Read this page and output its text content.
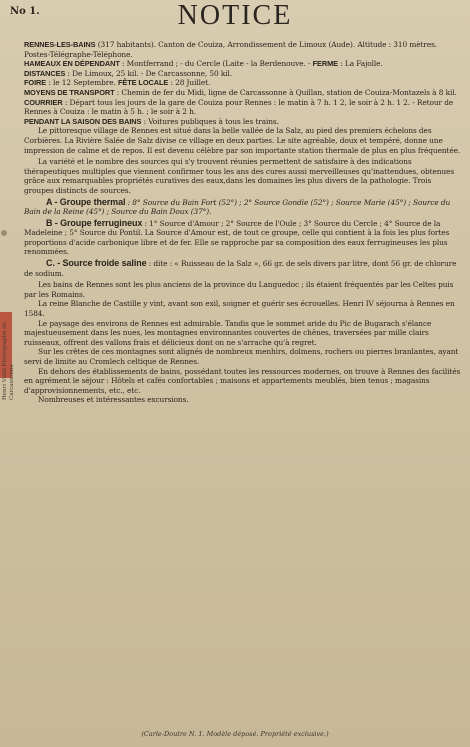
Henri Vidal Photographe de Carcassonne
No 1.	NOTICE

RENNES-LES-BAINS (317 habitants). Canton de Couiza, Arrondissement de Limoux (Aude). Altitude : 310 mètres. Postes-Télégraphe-Téléphone.

HAMEAUX EN DÉPENDANT : Montferrand ; - du Cercle (Laite - la Berdenouve. - FERME : La Fajolle.

DISTANCES : De Limoux, 25 kil. - De Carcassonne, 50 kil.

FOIRE : le 12 Septembre. FÊTE LOCALE : 28 Juillet.

MOYENS DE TRANSPORT : Chemin de fer du Midi, ligne de Carcassonne à Quillan, station de Couiza-Montazels à 8 kil.

COURRIER : Départ tous les jours de la gare de Couiza pour Rennes : le matin à 7 h. 1 2, le soir à 2 h. 1 2. - Retour de Rennes à Couiza : le matin à 5 h. ; le soir à 2 h.

PENDANT LA SAISON DES BAINS : Voitures publiques à tous les trains.

Le pittoresque village de Rennes est situé dans la belle vallée de la Salz, au pied des premiers échelons des Corbières. La Rivière Salée de Salz divise ce village en deux parties. Le site agréable, doux et tempéré, donne une impression de calme et de repos. Il est devenu célèbre par son importante station thermale de plus en plus fréquentée.

La variété et le nombre des sources qui s'y trouvent réunies permettent de satisfaire à des indications thérapeutiques multiples que viennent confirmer tous les ans des cures aussi merveilleuses qu'inattendues, obtenues grâce aux remarquables propriétés curatives des eaux,dans les domaines les plus divers de la pathologie. Trois groupes distincts de sources.

A - Groupe thermal : 8° Source du Bain Fort (52°) ; 2° Source Gondie (52°) ; Source Marie (45°) ; Source du Bain de la Reine (45°) ; Source du Bain Doux (37°).

B - Groupe ferrugineux : 1° Source d'Amour ; 2° Source de l'Oule ; 3° Source du Cercle ; 4° Source de la Madeleine ; 5° Source du Pontil. La Source d'Amour est, de tout ce groupe, celle qui contient à la fois les plus fortes proportions d'acide carbonique libre et de fer. Elle se rapproche par sa composition des eaux ferrugineuses les plus renommées.

C. - Source froide saline : dite : « Ruisseau de la Salz », 66 gr. de sels divers par litre, dont 56 gr. de chlorure de sodium.

Les bains de Rennes sont les plus anciens de la province du Languedoc ; ils étaient fréquentés par les Celtes puis par les Romains.

La reine Blanche de Castille y vint, avant son exil, soigner et guérir ses écrouelles. Henri IV séjourna à Rennes en 1584.

Le paysage des environs de Rennes est admirable. Tandis que le sommet aride du Pic de Bugarach s'élance majestueusement dans les nues, les montagnes environnantes couvertes de chênes, traversées par mille clairs ruisseaux, offrent des vallons frais et délicieux dont on ne s'arrache qu'à regret.

Sur les crêtes de ces montagnes sont alignés de nombreux menhirs, dolmens, rochers ou pierres branlantes, ayant servi de limite au Cromlech celtique de Rennes.

En dehors des établissements de bains, possédant toutes les ressources modernes, on trouve à Rennes des facilités en agrément le séjour : Hôtels et cafés confortables ; maisons et appartements meublés, bien tenus ; magasins d'approvisionnements, etc., etc.

Nombreuses et intéressantes excursions.

(Carle-Doutre N. 1. Modèle déposé. Propriété exclusive.)
